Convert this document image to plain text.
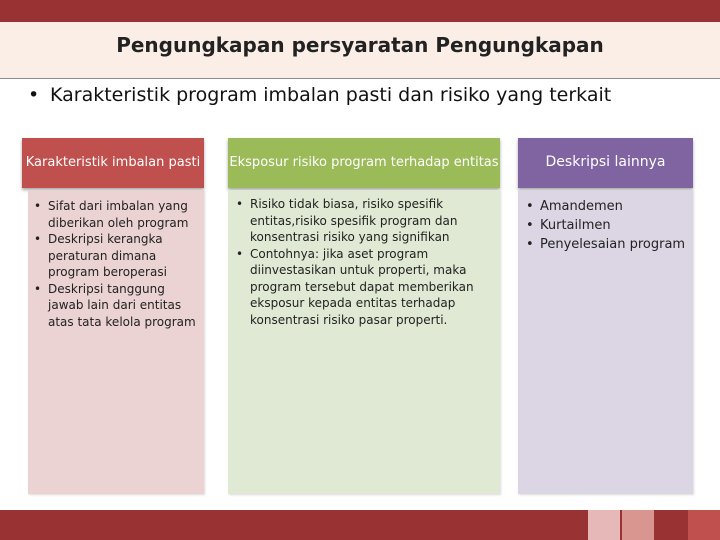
Pengungkapan persyaratan Pengungkapan
• Karakteristik program imbalan pasti dan risiko yang terkait
Karakteristik imbalan pasti
• Sifat dari imbalan yang diberikan oleh program
• Deskripsi kerangka peraturan dimana program beroperasi
• Deskripsi tanggung jawab lain dari entitas atas tata kelola program
Eksposur risiko program terhadap entitas
• Risiko tidak biasa, risiko spesifik entitas,risiko spesifik program dan konsentrasi risiko yang signifikan
• Contohnya: jika aset program diinvestasikan untuk properti, maka program tersebut dapat memberikan eksposur kepada entitas terhadap konsentrasi risiko pasar properti.
Deskripsi lainnya
• Amandemen
• Kurtailmen
• Penyelesaian program
